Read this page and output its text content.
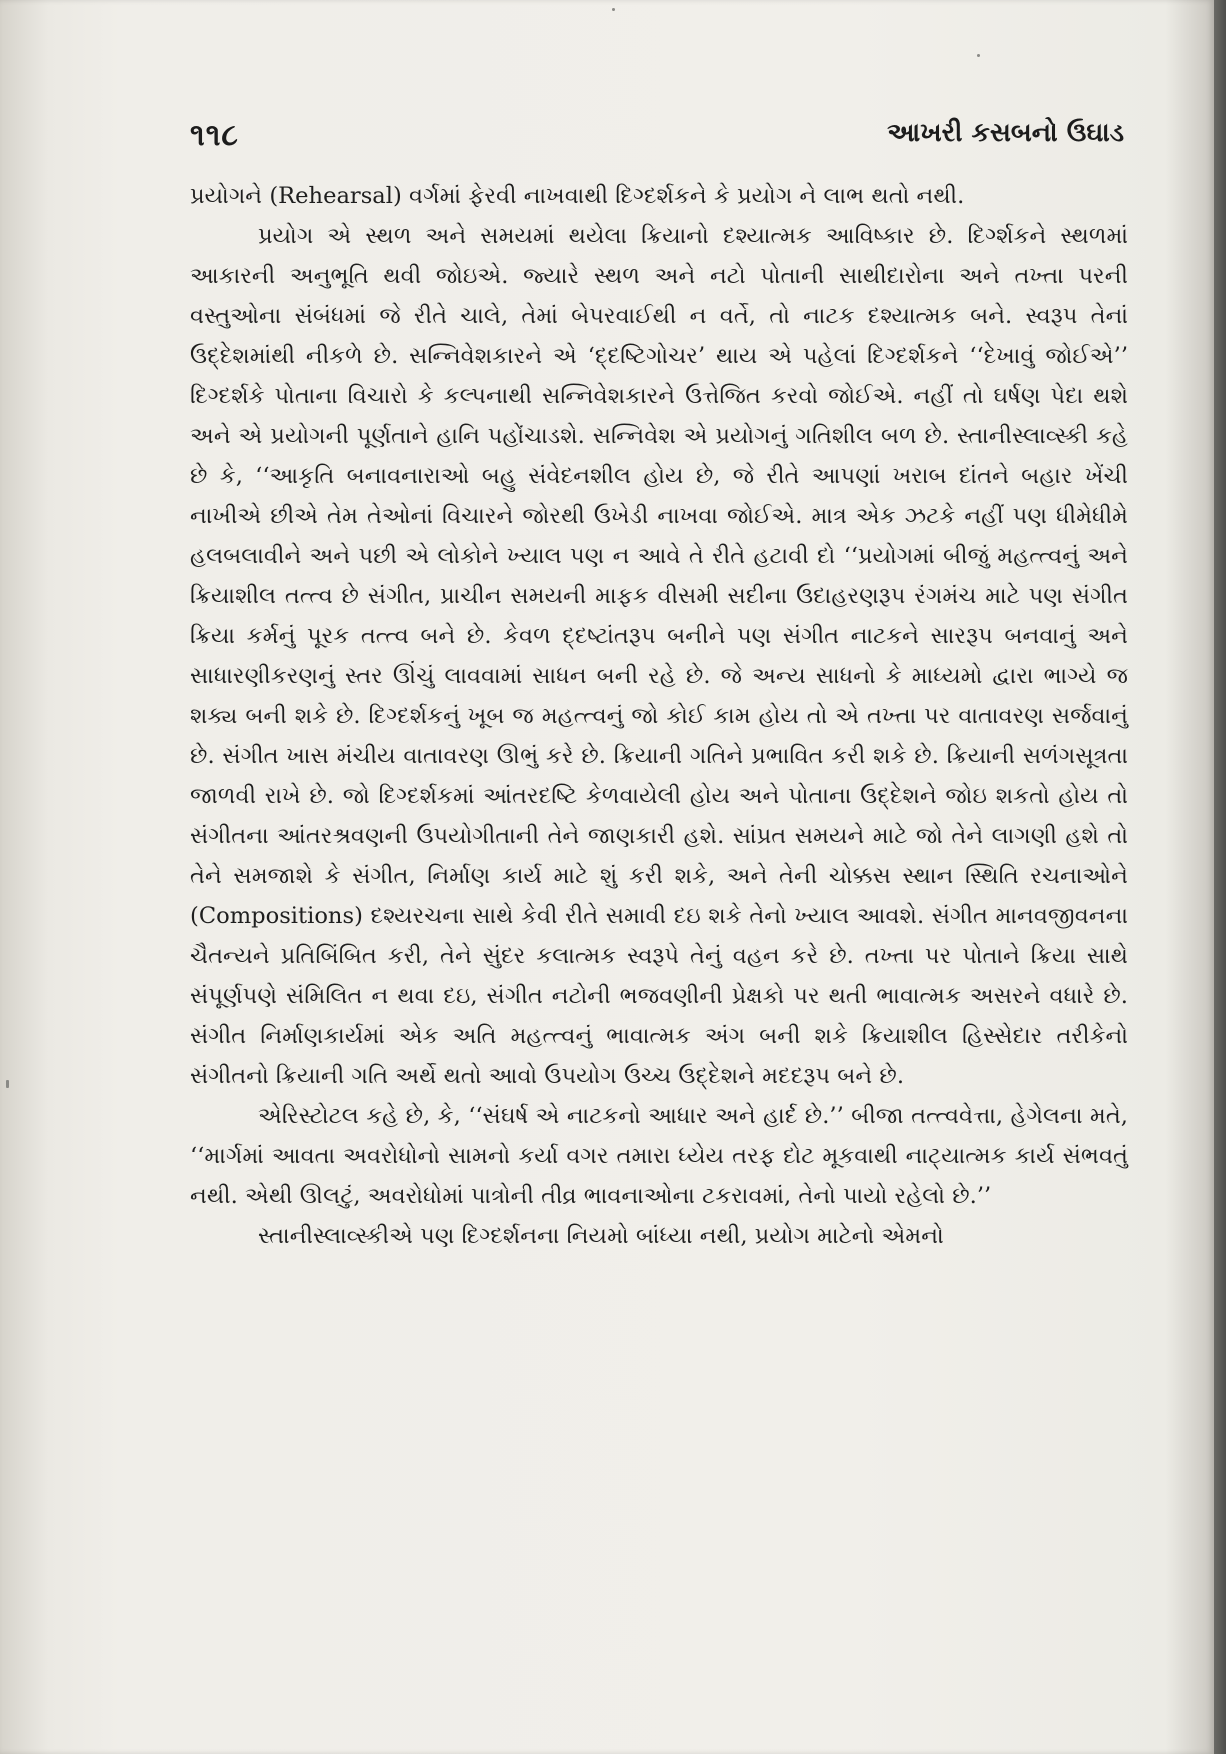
૧૧૮	આખરી કસબનો ઉઘાડ

પ્રયોગને (Rehearsal) વર્ગમાં ફેરવી નાખવાથી દિગ્દર્શકને કે પ્રયોગ ને લાભ થતો નથી.

પ્રયોગ એ સ્થળ અને સમયમાં થયેલા ક્રિયાનો દશ્યાત્મક આવિષ્કાર છે. દિર્ગ્શકને સ્થળમાં આકારની અનુભૂતિ થવી જોઇએ. જ્યારે સ્થળ અને નટો પોતાની સાથીદારોના અને તખ્તા પરની વસ્તુઓના સંબંધમાં જે રીતે ચાલે, તેમાં બેપરવાઈથી ન વર્તે, તો નાટક દશ્યાત્મક બને. સ્વરૂપ તેનાં ઉદ્દેશમાંથી નીકળે છે. સન્નિવેશકારને એ ‘દ્દષ્ટિગોચર’ થાય એ પહેલાં દિગ્દર્શકને ‘‘દેખાવું જોઈએ’’ દિગ્દર્શકે પોતાના વિચારો કે કલ્પનાથી સન્નિવેશકારને ઉત્તેજિત કરવો જોઈએ. નહીં તો ઘર્ષણ પેદા થશે અને એ પ્રયોગની પૂર્ણતાને હાનિ પહોંચાડશે. સન્નિવેશ એ પ્રયોગનું ગતિશીલ બળ છે. સ્તાનીસ્લાવ્સ્કી કહે છે કે, ‘‘આકૃતિ બનાવનારાઓ બહુ સંવેદનશીલ હોય છે, જે રીતે આપણાં ખરાબ દાંતને બહાર ખેંચી નાખીએ છીએ તેમ તેઓનાં વિચારને જોરથી ઉખેડી નાખવા જોઈએ. માત્ર એક ઝટકે નહીં પણ ધીમેધીમે હલબલાવીને અને પછી એ લોકોને ખ્યાલ પણ ન આવે તે રીતે હટાવી દો ‘‘પ્રયોગમાં બીજું મહત્ત્વનું અને ક્રિયાશીલ તત્ત્વ છે સંગીત, પ્રાચીન સમયની માફક વીસમી સદીના ઉદાહરણરૂપ રંગમંચ માટે પણ સંગીત ક્રિયા કર્મનું પૂરક તત્ત્વ બને છે. કેવળ દ્દષ્ટાંતરૂપ બનીને પણ સંગીત નાટકને સારરૂપ બનવાનું અને સાધારણીકરણનું સ્તર ઊંચું લાવવામાં સાધન બની રહે છે. જે અન્ય સાધનો કે માધ્યમો દ્વારા ભાગ્યે જ શક્ય બની શકે છે. દિગ્દર્શકનું ખૂબ જ મહત્ત્વનું જો કોઈ કામ હોય તો એ તખ્તા પર વાતાવરણ સર્જવાનું છે. સંગીત ખાસ મંચીય વાતાવરણ ઊભું કરે છે. ક્રિયાની ગતિને પ્રભાવિત કરી શકે છે. ક્રિયાની સળંગસૂત્રતા જાળવી રાખે છે. જો દિગ્દર્શકમાં આંતરદષ્ટિ કેળવાયેલી હોય અને પોતાના ઉદ્દેશને જોઇ શકતો હોય તો સંગીતના આંતરશ્રવણની ઉપયોગીતાની તેને જાણકારી હશે. સાંપ્રત સમયને માટે જો તેને લાગણી હશે તો તેને સમજાશે કે સંગીત, નિર્માણ કાર્ય માટે શું કરી શકે, અને તેની ચોક્કસ સ્થાન સ્થિતિ રચનાઓને (Compositions) દશ્યરચના સાથે કેવી રીતે સમાવી દઇ શકે તેનો ખ્યાલ આવશે. સંગીત માનવજીવનના ચૈતન્યને પ્રતિબિંબિત કરી, તેને સુંદર કલાત્મક સ્વરૂપે તેનું વહન કરે છે. તખ્તા પર પોતાને ક્રિયા સાથે સંપૂર્ણપણે સંમિલિત ન થવા દઇ, સંગીત નટોની ભજવણીની પ્રેક્ષકો પર થતી ભાવાત્મક અસરને વધારે છે. સંગીત નિર્માણકાર્યમાં એક અતિ મહત્ત્વનું ભાવાત્મક અંગ બની શકે ક્રિયાશીલ હિસ્સેદાર તરીકેનો સંગીતનો ક્રિયાની ગતિ અર્થે થતો આવો ઉપયોગ ઉચ્ચ ઉદ્દેશને મદદરૂપ બને છે.

એરિસ્ટોટલ કહે છે, કે, ‘‘સંઘર્ષ એ નાટકનો આધાર અને હાર્દ છે.’’ બીજા તત્ત્વવેત્તા, હેગેલના મતે, ‘‘માર્ગમાં આવતા અવરોધોનો સામનો કર્યા વગર તમારા ધ્યેય તરફ દોટ મૂકવાથી નાટ્યાત્મક કાર્ય સંભવતું નથી. એથી ઊલટું, અવરોધોમાં પાત્રોની તીવ્ર ભાવનાઓના ટકરાવમાં, તેનો પાયો રહેલો છે.’’

સ્તાનીસ્લાવ્સ્કીએ પણ દિગ્દર્શનના નિયમો બાંધ્યા નથી, પ્રયોગ માટેનો એમનો
